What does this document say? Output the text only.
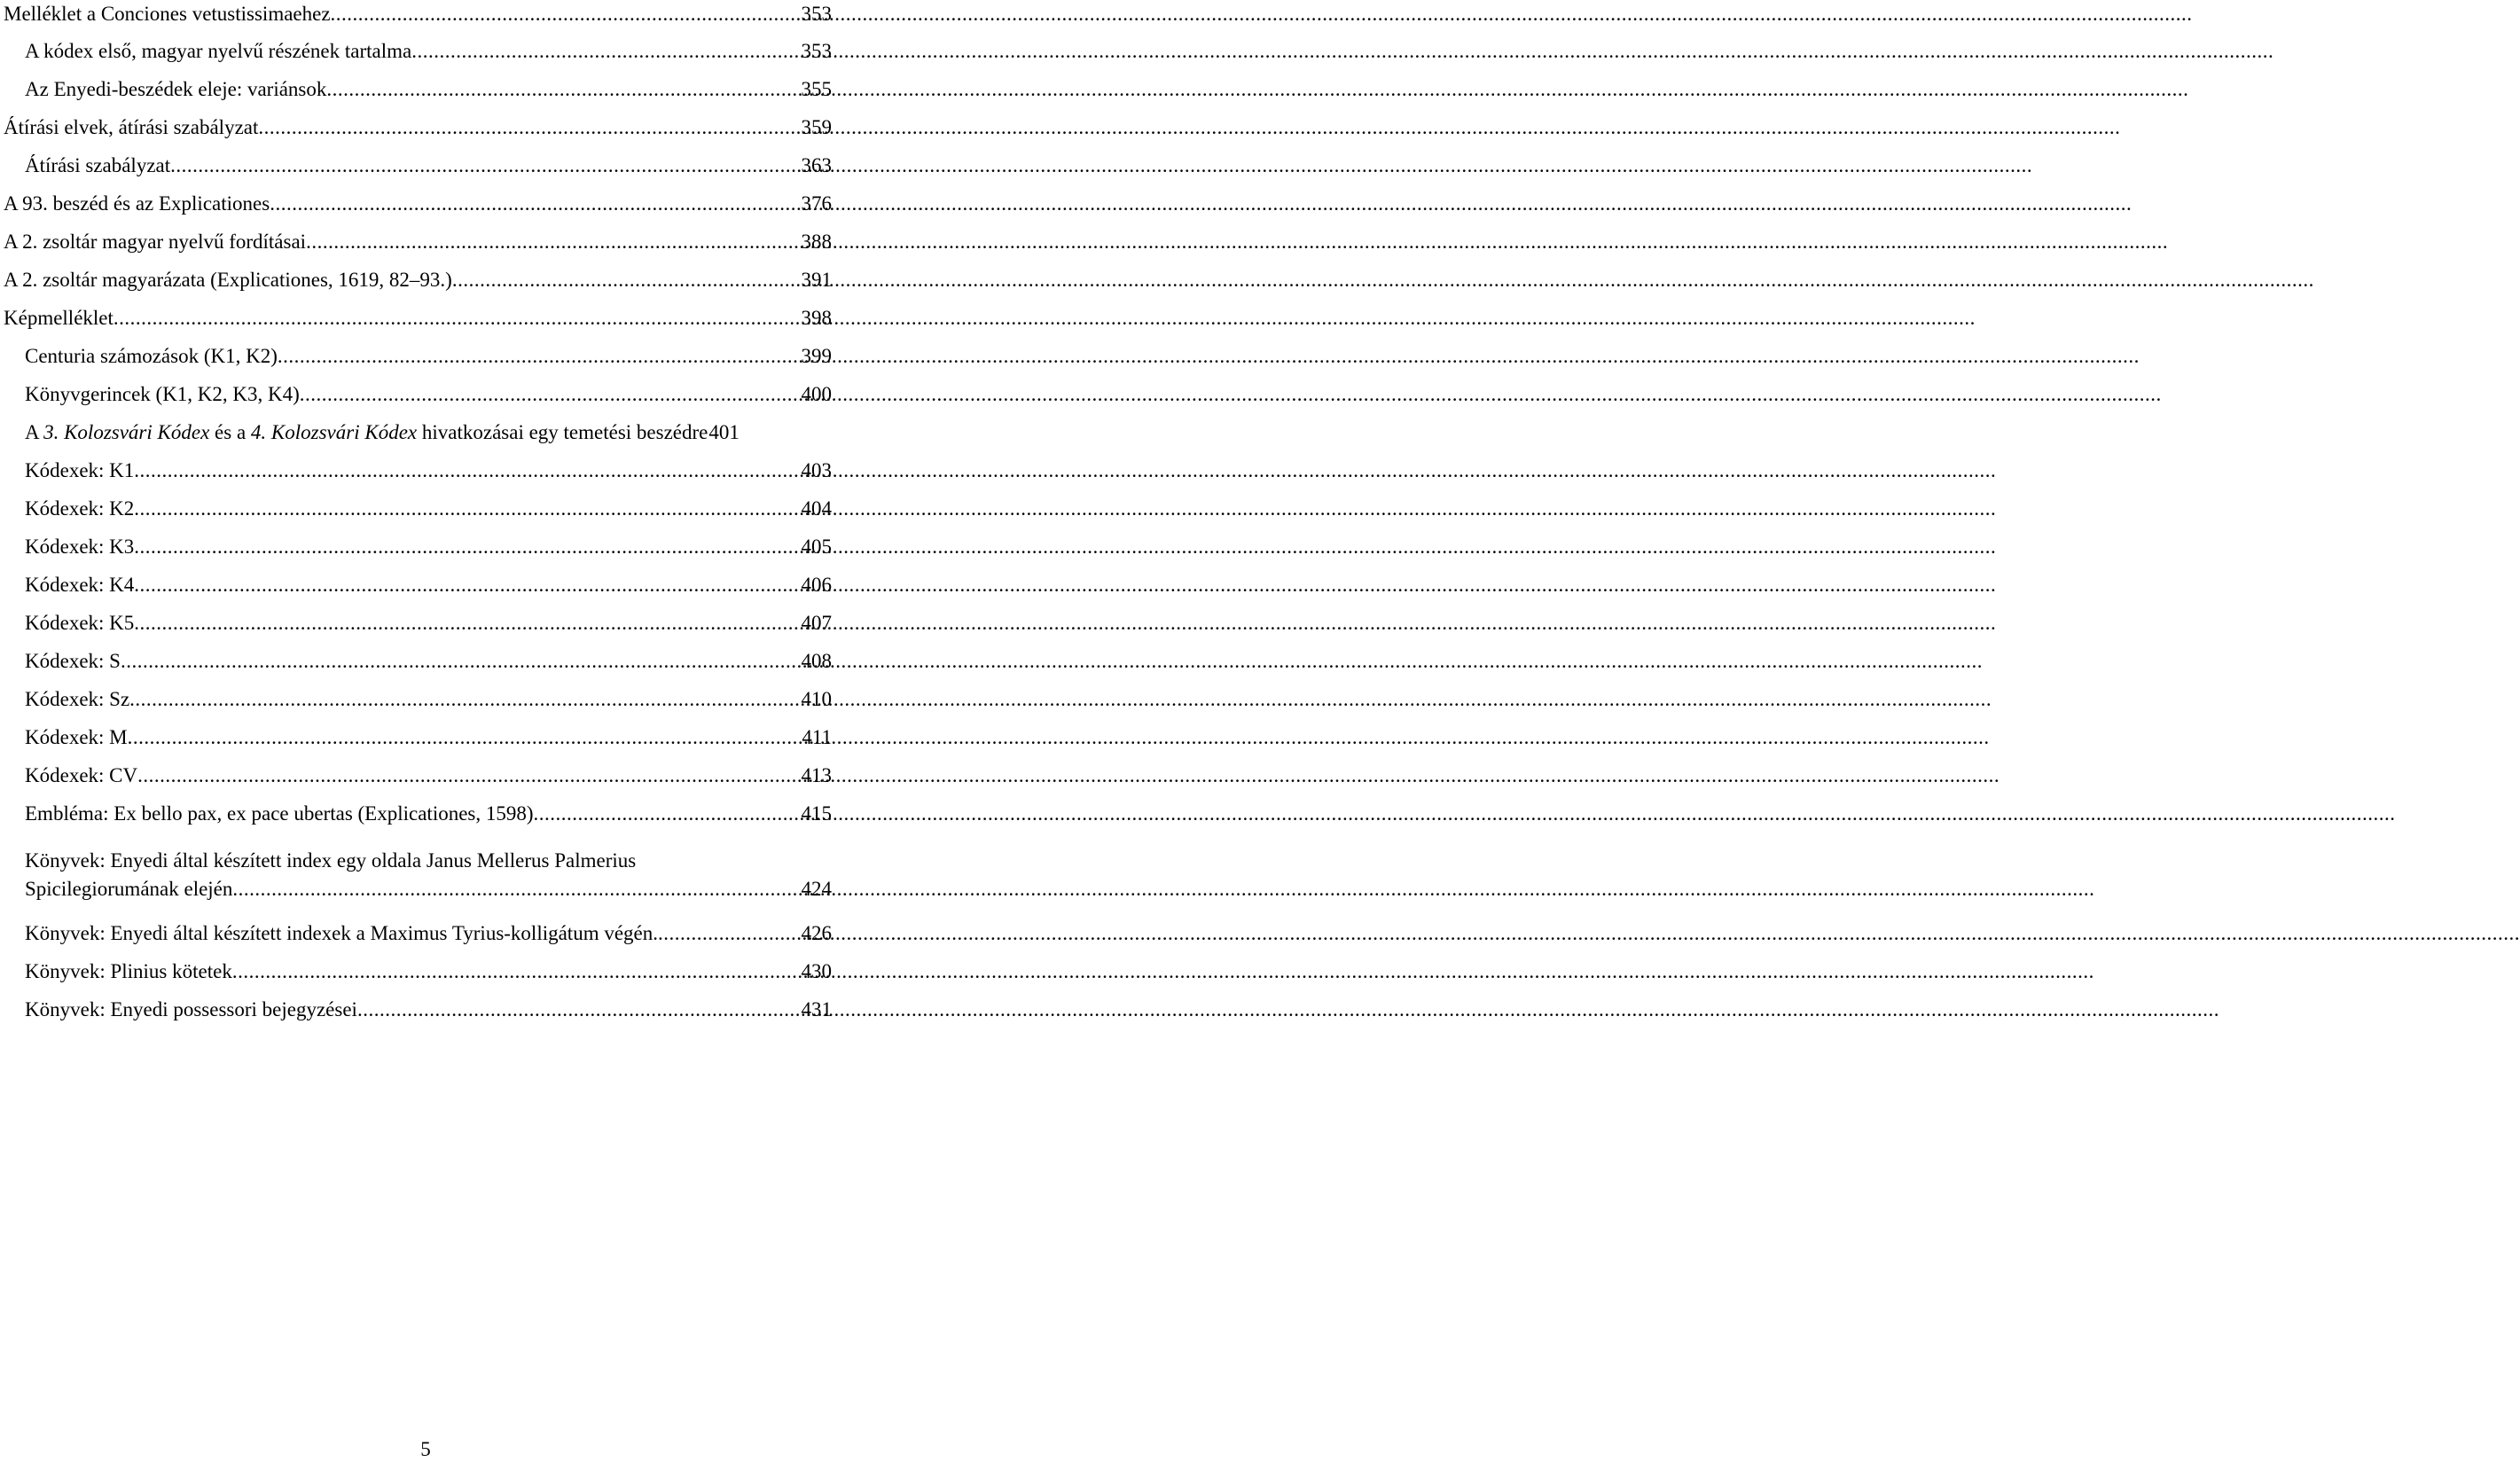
Melléklet a Conciones vetustissimaehez .....	353
A kódex első, magyar nyelvű részének tartalma .....	353
Az Enyedi-beszédek eleje: variánsok .....	355
Átírási elvek, átírási szabályzat .....	359
Átírási szabályzat .....	363
A 93. beszéd és az Explicationes .....	376
A 2. zsoltár magyar nyelvű fordításai .....	388
A 2. zsoltár magyarázata (Explicationes, 1619, 82–93.) .....	391
Képmelléklet .....	398
Centuria számozások (K1, K2) .....	399
Könyvgerincek (K1, K2, K3, K4) .....	400
A 3. Kolozsvári Kódex és a 4. Kolozsvári Kódex hivatkozásai egy temetési beszédre 401
Kódexek: K1 .....	403
Kódexek: K2 .....	404
Kódexek: K3 .....	405
Kódexek: K4 .....	406
Kódexek: K5 .....	407
Kódexek: S .....	408
Kódexek: Sz .....	410
Kódexek: M .....	411
Kódexek: CV .....	413
Embléma: Ex bello pax, ex pace ubertas (Explicationes, 1598) .....	415
Könyvek: Enyedi által készített index egy oldala Janus Mellerus Palmerius
Spicilegiorumának elején .....	424
Könyvek: Enyedi által készített indexek a Maximus Tyrius-kolligátum végén. .....	426
Könyvek: Plinius kötetek .....	430
Könyvek: Enyedi possessori bejegyzései .....	431
5
